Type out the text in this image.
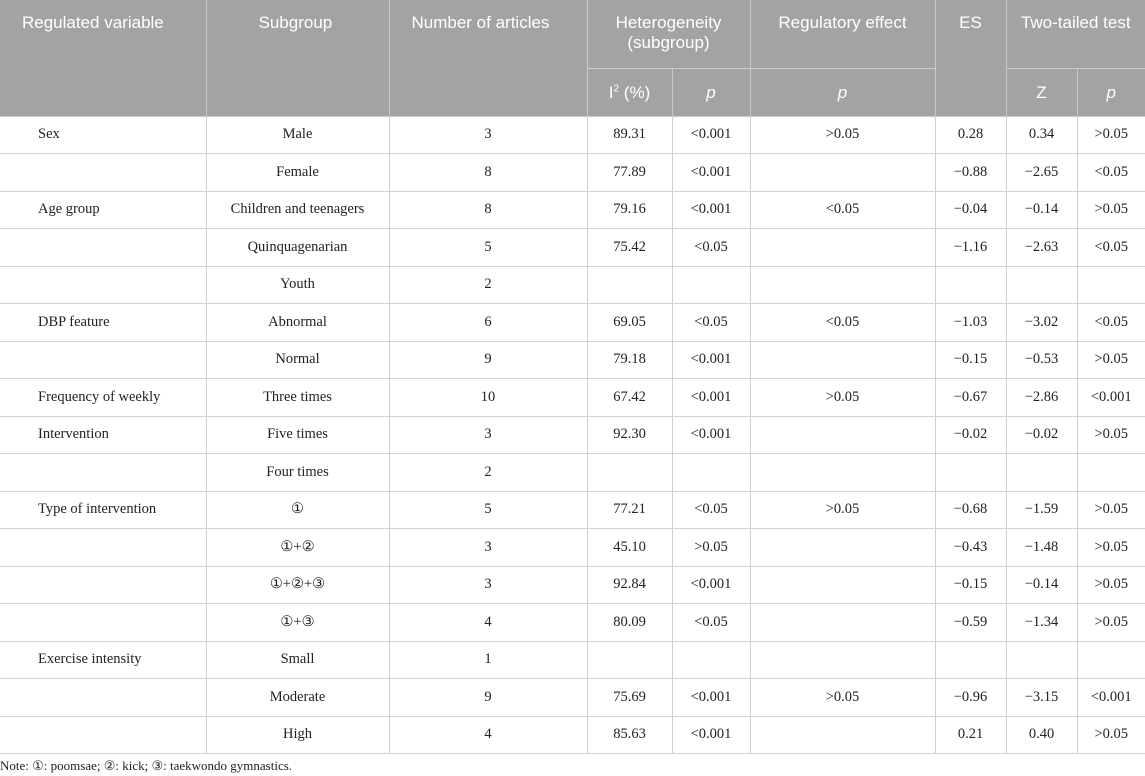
Regulated variable	Subgroup	Number of articles	Heterogeneity (subgroup)		Regulatory effect	ES	Two-tailed test	
			$I^2$ (%)	p	p		Z	p
Sex	Male	3	89.31	<0.001	>0.05	0.28	0.34	>0.05
	Female	8	77.89	<0.001		−0.88	−2.65	<0.05
Age group	Children and teenagers	8	79.16	<0.001	<0.05	−0.04	−0.14	>0.05
	Quinquagenarian	5	75.42	<0.05		−1.16	−2.63	<0.05
	Youth	2						
DBP feature	Abnormal	6	69.05	<0.05	<0.05	−1.03	−3.02	<0.05
	Normal	9	79.18	<0.001		−0.15	−0.53	>0.05
Frequency of weekly	Three times	10	67.42	<0.001	>0.05	−0.67	−2.86	<0.001
Intervention	Five times	3	92.30	<0.001		−0.02	−0.02	>0.05
	Four times	2						
Type of intervention	①	5	77.21	<0.05	>0.05	−0.68	−1.59	>0.05
	①+②	3	45.10	>0.05		−0.43	−1.48	>0.05
	①+②+③	3	92.84	<0.001		−0.15	−0.14	>0.05
	①+③	4	80.09	<0.05		−0.59	−1.34	>0.05
Exercise intensity	Small	1						
	Moderate	9	75.69	<0.001	>0.05	−0.96	−3.15	<0.001
	High	4	85.63	<0.001		0.21	0.40	>0.05
Note: ①: poomsae; ②: kick; ③: taekwondo gymnastics.
